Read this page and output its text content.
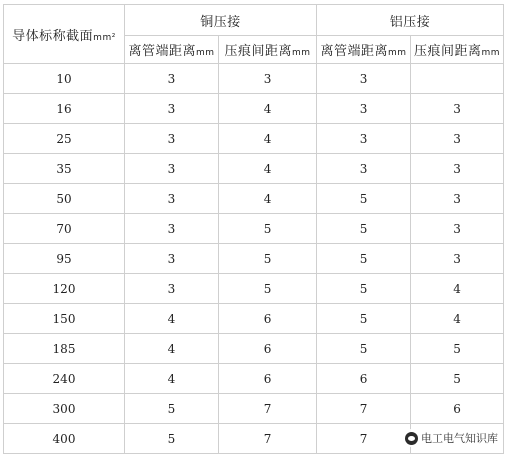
导体标称截面mm²	铜压接		铝压接	
	离管端距离mm	压痕间距离mm	离管端距离mm	压痕间距离mm
10	3	3	3	
16	3	4	3	3
25	3	4	3	3
35	3	4	3	3
50	3	4	5	3
70	3	5	5	3
95	3	5	5	3
120	3	5	5	4
150	4	6	5	4
185	4	6	5	5
240	4	6	6	5
300	5	7	7	6
400	5	7	7		电工电气知识库
